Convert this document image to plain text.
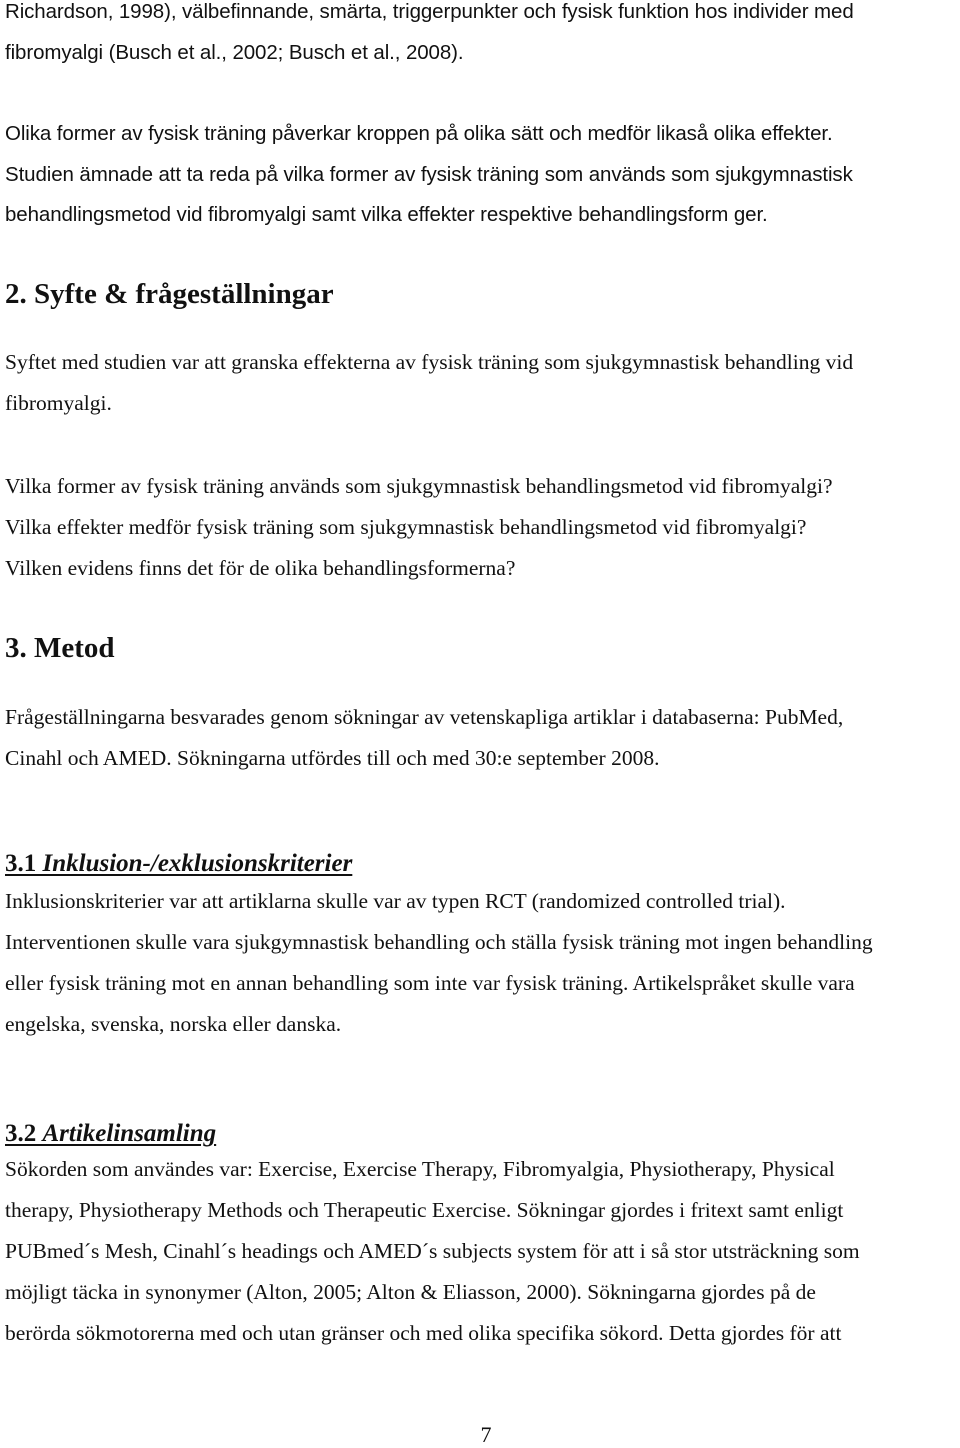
Richardson, 1998), välbefinnande, smärta, triggerpunkter och fysisk funktion hos individer med

fibromyalgi (Busch et al., 2002; Busch et al., 2008).

Olika former av fysisk träning påverkar kroppen på olika sätt och medför likaså olika effekter.

Studien ämnade att ta reda på vilka former av fysisk träning som används som sjukgymnastisk

behandlingsmetod vid fibromyalgi samt vilka effekter respektive behandlingsform ger.

2. Syfte & frågeställningar

Syftet med studien var att granska effekterna av fysisk träning som sjukgymnastisk behandling vid

fibromyalgi.

Vilka former av fysisk träning används som sjukgymnastisk behandlingsmetod vid fibromyalgi?

Vilka effekter medför fysisk träning som sjukgymnastisk behandlingsmetod vid fibromyalgi?

Vilken evidens finns det för de olika behandlingsformerna?

3. Metod

Frågeställningarna besvarades genom sökningar av vetenskapliga artiklar i databaserna: PubMed,

Cinahl och AMED. Sökningarna utfördes till och med 30:e september 2008.

3.1 Inklusion-/exklusionskriterier

Inklusionskriterier var att artiklarna skulle var av typen RCT (randomized controlled trial).

Interventionen skulle vara sjukgymnastisk behandling och ställa fysisk träning mot ingen behandling

eller fysisk träning mot en annan behandling som inte var fysisk träning. Artikelspråket skulle vara

engelska, svenska, norska eller danska.

3.2 Artikelinsamling

Sökorden som användes var: Exercise, Exercise Therapy, Fibromyalgia, Physiotherapy, Physical

therapy, Physiotherapy Methods och Therapeutic Exercise. Sökningar gjordes i fritext samt enligt

PUBmed´s Mesh, Cinahl´s headings och AMED´s subjects system för att i så stor utsträckning som

möjligt täcka in synonymer (Alton, 2005; Alton & Eliasson, 2000). Sökningarna gjordes på de

berörda sökmotorerna med och utan gränser och med olika specifika sökord. Detta gjordes för att

7
